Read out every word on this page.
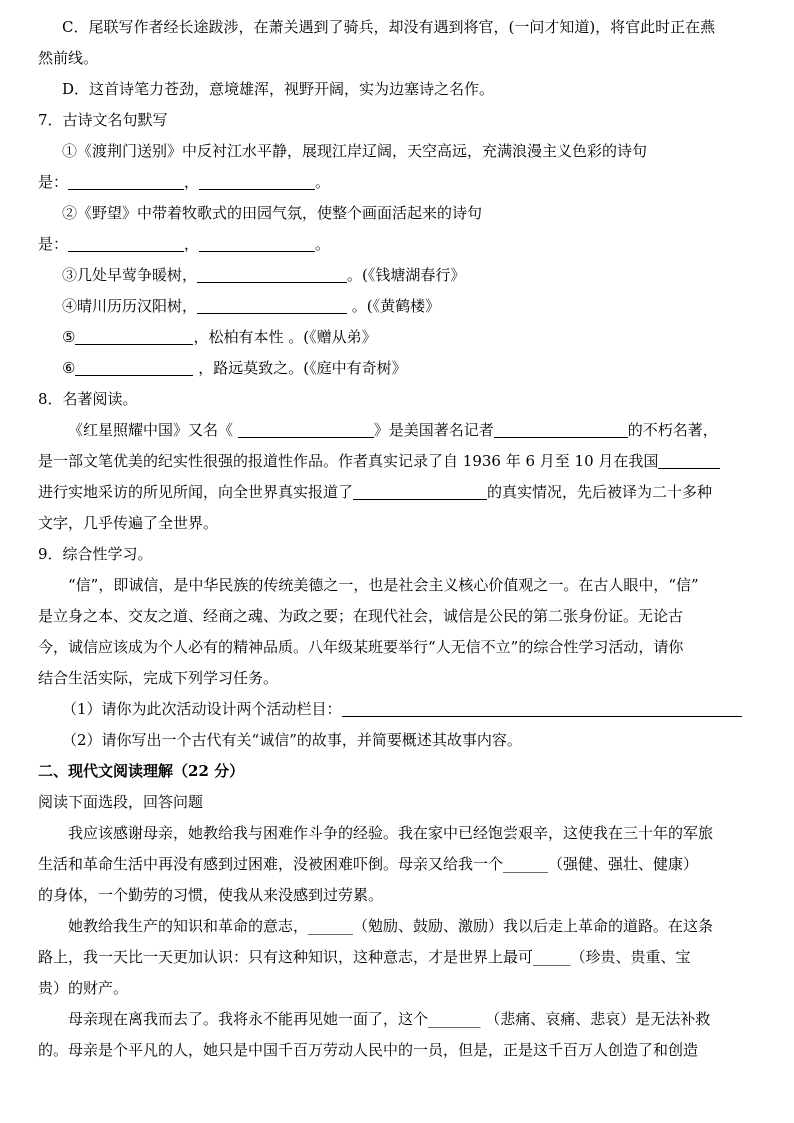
C．尾联写作者经长途跋涉，在萧关遇到了骑兵，却没有遇到将官，(一问才知道)，将官此时正在燕
然前线。
D．这首诗笔力苍劲，意境雄浑，视野开阔，实为边塞诗之名作。
7．古诗文名句默写
①《渡荆门送别》中反衬江水平静，展现江岸辽阔，天空高远，充满浪漫主义色彩的诗句
是：	，	。
②《野望》中带着牧歌式的田园气氛，使整个画面活起来的诗句
是：	，	。
③几处早莺争暖树，	。(《钱塘湖春行》
④晴川历历汉阳树，	。(《黄鹤楼》
⑤	，松柏有本性 。(《赠从弟》
⑥	，路远莫致之。(《庭中有奇树》
8．名著阅读。
《红星照耀中国》又名《	》是美国著名记者	的不朽名著，
是一部文笔优美的纪实性很强的报道性作品。作者真实记录了自 1936 年 6 月至 10 月在我国
进行实地采访的所见所闻，向全世界真实报道了	的真实情况，先后被译为二十多种
文字，几乎传遍了全世界。
9．综合性学习。
“信”，即诚信，是中华民族的传统美德之一，也是社会主义核心价值观之一。在古人眼中，“信”
是立身之本、交友之道、经商之魂、为政之要；在现代社会，诚信是公民的第二张身份证。无论古
今，诚信应该成为个人必有的精神品质。八年级某班要举行“人无信不立”的综合性学习活动，请你
结合生活实际，完成下列学习任务。
（1）请你为此次活动设计两个活动栏目：
（2）请你写出一个古代有关“诚信”的故事，并简要概述其故事内容。
二、现代文阅读理解（22 分）
阅读下面选段，回答问题
我应该感谢母亲，她教给我与困难作斗争的经验。我在家中已经饱尝艰辛，这使我在三十年的军旅
生活和革命生活中再没有感到过困难，没被困难吓倒。母亲又给我一个______（强健、强壮、健康）
的身体，一个勤劳的习惯，使我从来没感到过劳累。
她教给我生产的知识和革命的意志，______（勉励、鼓励、激励）我以后走上革命的道路。在这条
路上，我一天比一天更加认识：只有这种知识，这种意志，才是世界上最可_____（珍贵、贵重、宝
贵）的财产。
母亲现在离我而去了。我将永不能再见她一面了，这个_______ （悲痛、哀痛、悲哀）是无法补救
的。母亲是个平凡的人，她只是中国千百万劳动人民中的一员，但是，正是这千百万人创造了和创造
